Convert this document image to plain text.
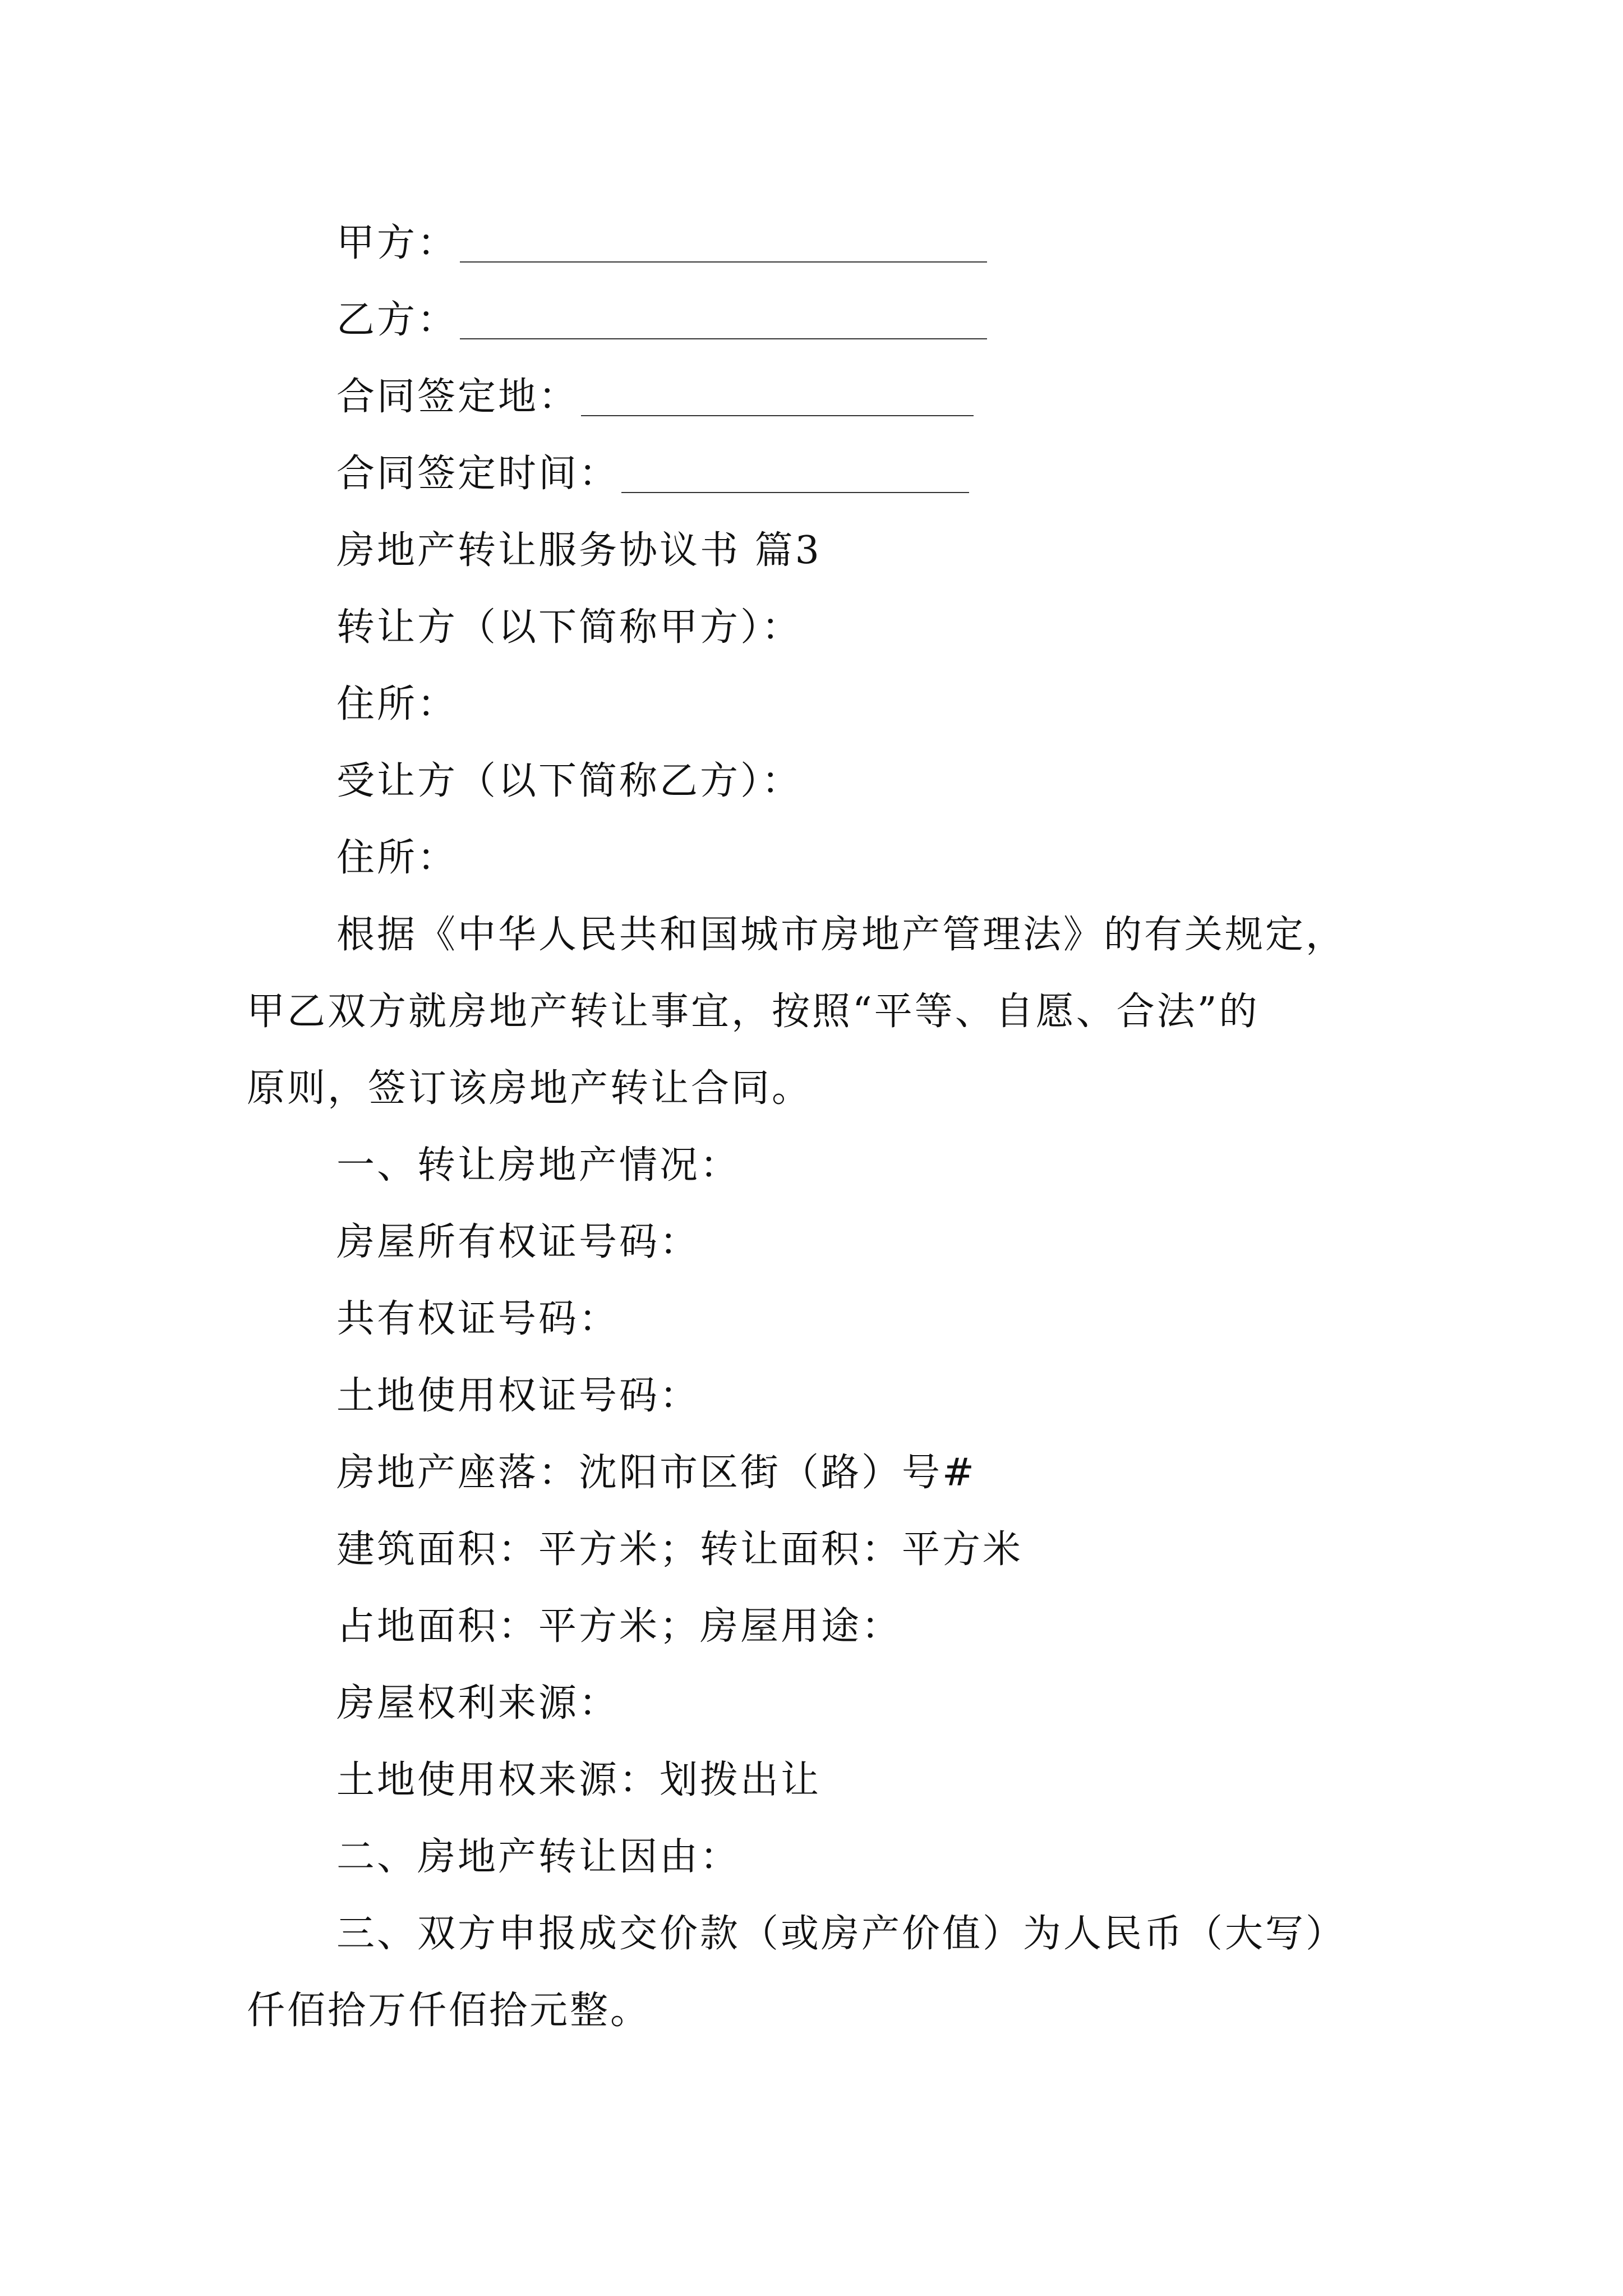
甲方：
乙方：
合同签定地：
合同签定时间：
房地产转让服务协议书 篇3
转让方（以下简称甲方）：
住所：
受让方（以下简称乙方）：
住所：
根据《中华人民共和国城市房地产管理法》的有关规定，
甲乙双方就房地产转让事宜，按照“平等、自愿、合法”的
原则，签订该房地产转让合同。
一、转让房地产情况：
房屋所有权证号码：
共有权证号码：
土地使用权证号码：
房地产座落：沈阳市区街（路）号#
建筑面积：平方米；转让面积：平方米
占地面积：平方米；房屋用途：
房屋权利来源：
土地使用权来源：划拨出让
二、房地产转让因由：
三、双方申报成交价款（或房产价值）为人民币（大写）
仟佰拾万仟佰拾元整。
